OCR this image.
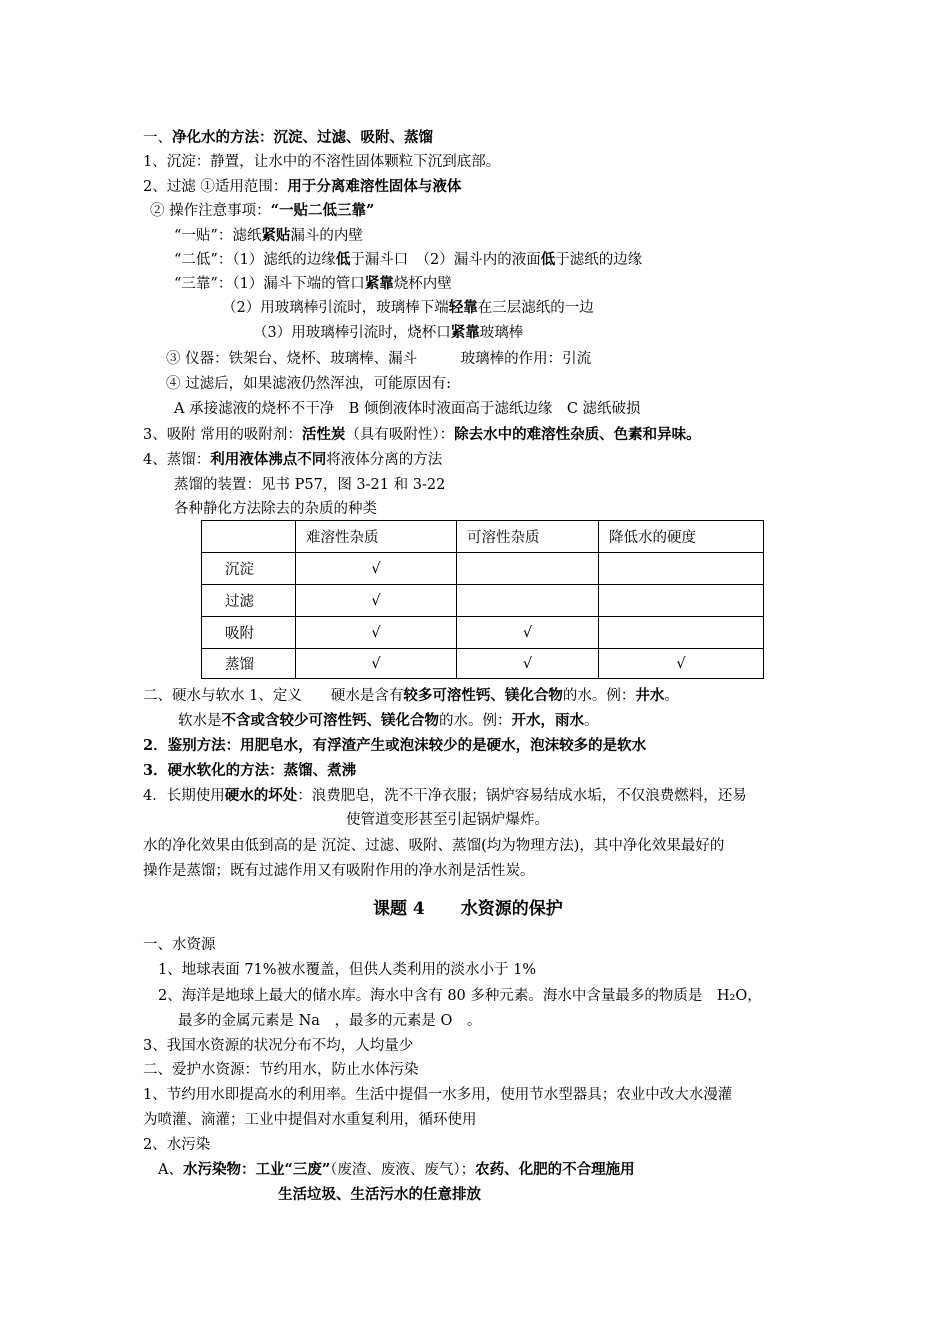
一、净化水的方法：沉淀、过滤、吸附、蒸馏
1、沉淀：静置，让水中的不溶性固体颗粒下沉到底部。
2、过滤 ①适用范围：用于分离难溶性固体与液体
② 操作注意事项：“一贴二低三靠”
“一贴”：滤纸紧贴漏斗的内壁
“二低”：（1）滤纸的边缘低于漏斗口　（2）漏斗内的液面低于滤纸的边缘
“三靠”：（1）漏斗下端的管口紧靠烧杯内壁
（2）用玻璃棒引流时，玻璃棒下端轻靠在三层滤纸的一边
（3）用玻璃棒引流时，烧杯口紧靠玻璃棒
③ 仪器：铁架台、烧杯、玻璃棒、漏斗　　　玻璃棒的作用：引流
④ 过滤后，如果滤液仍然浑浊，可能原因有:
A 承接滤液的烧杯不干净　B 倾倒液体时液面高于滤纸边缘　C 滤纸破损
3、吸附 常用的吸附剂：活性炭（具有吸附性）：除去水中的难溶性杂质、色素和异味。
4、蒸馏：利用液体沸点不同将液体分离的方法
蒸馏的装置：见书 P57，图 3-21 和 3-22
各种静化方法除去的杂质的种类
	难溶性杂质	可溶性杂质	降低水的硬度
沉淀	√		
过滤	√		
吸附	√	√	
蒸馏	√	√	√
二、硬水与软水 1、定义　　硬水是含有较多可溶性钙、镁化合物的水。例：井水。
软水是不含或含较少可溶性钙、镁化合物的水。例：开水，雨水。
2．鉴别方法：用肥皂水，有浮渣产生或泡沫较少的是硬水，泡沫较多的是软水
3．硬水软化的方法：蒸馏、煮沸
4．长期使用硬水的坏处：浪费肥皂，洗不干净衣服；锅炉容易结成水垢，不仅浪费燃料，还易
使管道变形甚至引起锅炉爆炸。
水的净化效果由低到高的是 沉淀、过滤、吸附、蒸馏(均为物理方法)，其中净化效果最好的
操作是蒸馏；既有过滤作用又有吸附作用的净水剂是活性炭。
课题 4 水资源的保护
一、水资源
1、地球表面 71%被水覆盖，但供人类利用的淡水小于 1%
2、海洋是地球上最大的储水库。海水中含有 80 多种元素。海水中含量最多的物质是　H₂O，
最多的金属元素是 Na　，最多的元素是 O　。
3、我国水资源的状况分布不均，人均量少
二、爱护水资源：节约用水，防止水体污染
1、节约用水即提高水的利用率。生活中提倡一水多用，使用节水型器具；农业中改大水漫灌
为喷灌、滴灌；工业中提倡对水重复利用，循环使用
2、水污染
A、水污染物：工业“三废”（废渣、废液、废气）；农药、化肥的不合理施用
生活垃圾、生活污水的任意排放
